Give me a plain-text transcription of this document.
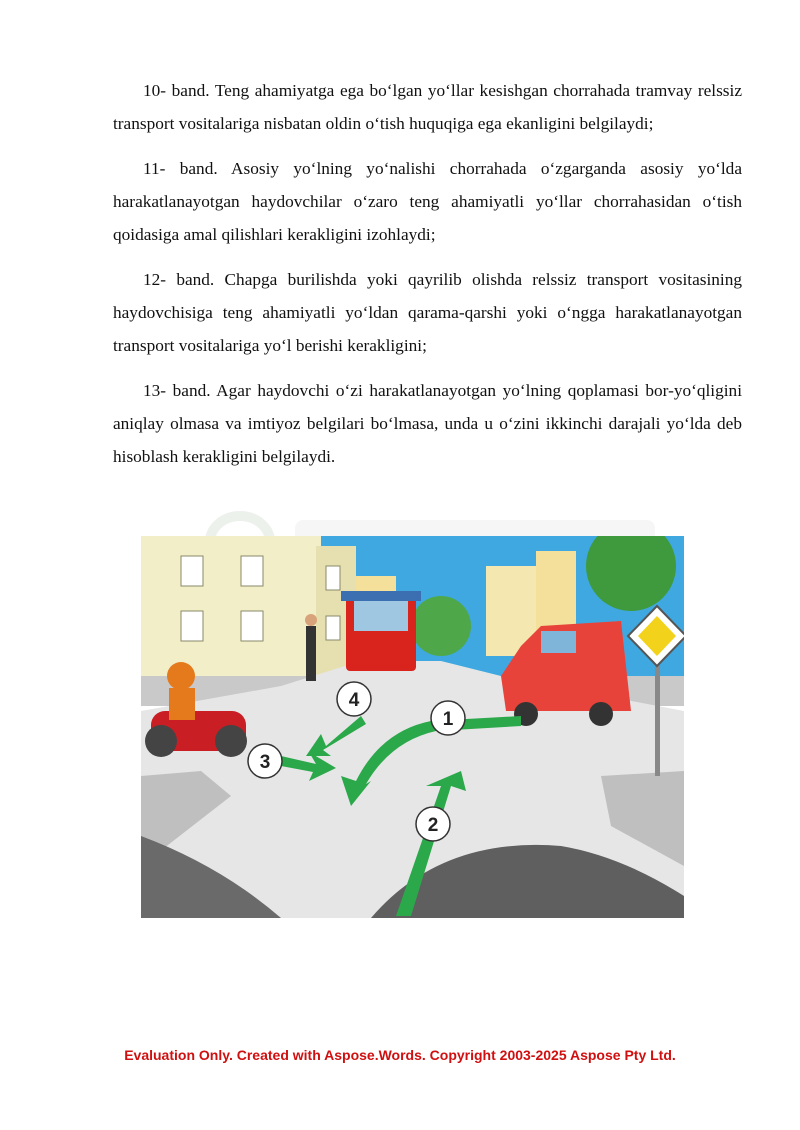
10- band. Teng ahamiyatga ega bo‘lgan yo‘llar kesishgan chorrahada tramvay relssiz transport vositalariga nisbatan oldin o‘tish huquqiga ega ekanligini belgilaydi;

11- band. Asosiy yo‘lning yo‘nalishi chorrahada o‘zgarganda asosiy yo‘lda harakatlanayotgan haydovchilar o‘zaro teng ahamiyatli yo‘llar chorrahasidan o‘tish qoidasiga amal qilishlari kerakligini izohlaydi;

12- band. Chapga burilishda yoki qayrilib olishda relssiz transport vositasining haydovchisiga teng ahamiyatli yo‘ldan qarama-qarshi yoki o‘ngga harakatlanayotgan transport vositalariga yo‘l berishi kerakligini;

13- band. Agar haydovchi o‘zi harakatlanayotgan yo‘lning qoplamasi bor-yo‘qligini aniqlay olmasa va imtiyoz belgilari bo‘lmasa, unda u o‘zini ikkinchi darajali yo‘lda deb hisoblash kerakligini belgilaydi.

1
2
3
4
Evaluation Only. Created with Aspose.Words. Copyright 2003-2025 Aspose Pty Ltd.
